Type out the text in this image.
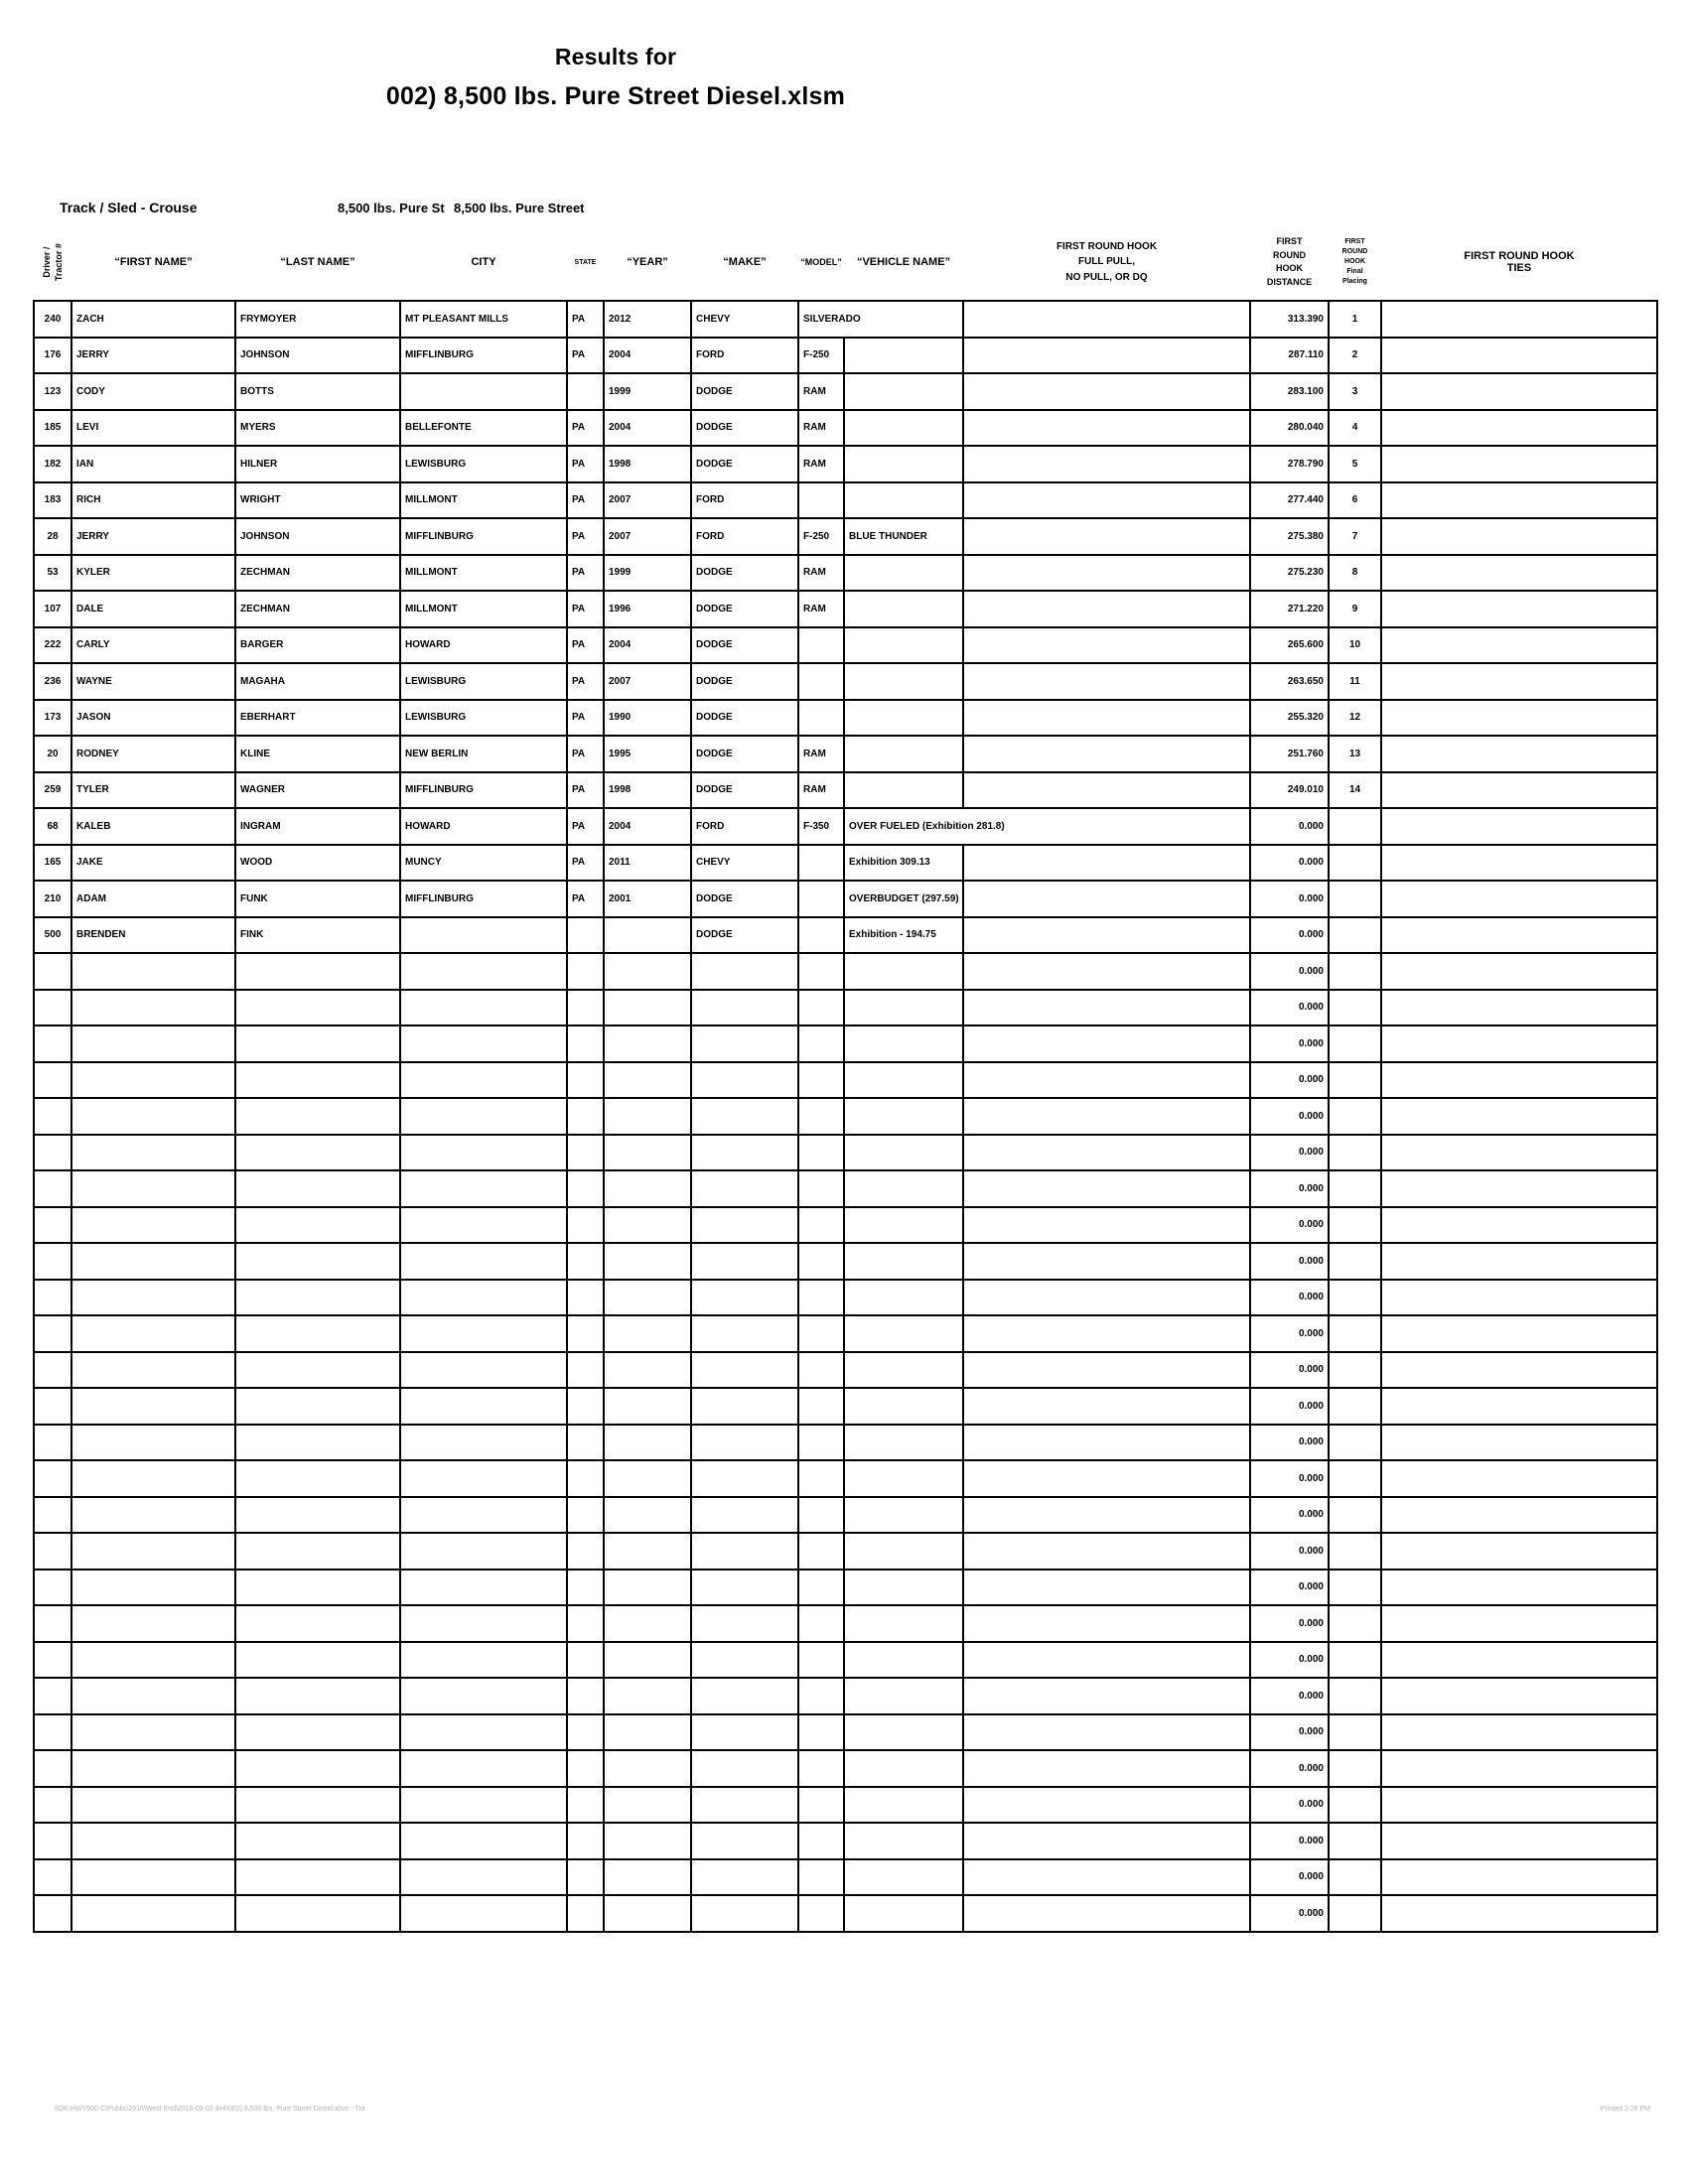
Results for
002) 8,500 lbs. Pure Street Diesel.xlsm
Track / Sled - Crouse	8,500 lbs. Pure St 8,500 lbs. Pure Street
Driver / Tractor #	“FIRST NAME”	“LAST NAME”	CITY	STATE	“YEAR”	“MAKE”	“MODEL”	“VEHICLE NAME”	FIRST ROUND HOOK
FULL PULL,
NO PULL, OR DQ	FIRST
ROUND
HOOK
DISTANCE	FIRST
ROUND
HOOK
Final
Placing	FIRST ROUND HOOK
TIES
240	ZACH	FRYMOYER	MT PLEASANT MILLS	PA	2012	CHEVY	SILVERADO			313.390	1	
176	JERRY	JOHNSON	MIFFLINBURG	PA	2004	FORD	F-250			287.110	2	
123	CODY	BOTTS			1999	DODGE	RAM			283.100	3	
185	LEVI	MYERS	BELLEFONTE	PA	2004	DODGE	RAM			280.040	4	
182	IAN	HILNER	LEWISBURG	PA	1998	DODGE	RAM			278.790	5	
183	RICH	WRIGHT	MILLMONT	PA	2007	FORD				277.440	6	
28	JERRY	JOHNSON	MIFFLINBURG	PA	2007	FORD	F-250	BLUE THUNDER		275.380	7	
53	KYLER	ZECHMAN	MILLMONT	PA	1999	DODGE	RAM			275.230	8	
107	DALE	ZECHMAN	MILLMONT	PA	1996	DODGE	RAM			271.220	9	
222	CARLY	BARGER	HOWARD	PA	2004	DODGE				265.600	10	
236	WAYNE	MAGAHA	LEWISBURG	PA	2007	DODGE				263.650	11	
173	JASON	EBERHART	LEWISBURG	PA	1990	DODGE				255.320	12	
20	RODNEY	KLINE	NEW BERLIN	PA	1995	DODGE	RAM			251.760	13	
259	TYLER	WAGNER	MIFFLINBURG	PA	1998	DODGE	RAM			249.010	14	
68	KALEB	INGRAM	HOWARD	PA	2004	FORD	F-350	OVER FUELED (Exhibition 281.8)		0.000		
165	JAKE	WOOD	MUNCY	PA	2011	CHEVY		Exhibition 309.13		0.000		
210	ADAM	FUNK	MIFFLINBURG	PA	2001	DODGE		OVERBUDGET (297.59)		0.000		
500	BRENDEN	FINK				DODGE		Exhibition - 194.75		0.000		
										0.000		
										0.000		
										0.000		
										0.000		
										0.000		
										0.000		
										0.000		
										0.000		
										0.000		
										0.000		
										0.000		
										0.000		
										0.000		
										0.000		
										0.000		
										0.000		
										0.000		
										0.000		
										0.000		
										0.000		
										0.000		
										0.000		
										0.000		
										0.000		
										0.000		
										0.000		
										0.000		
\\DK-HWY500-C\Public\2016\West End\2016-09-02 4x4\002) 8,500 lbs. Pure Street Diesel.xlsm - Tra	Printed 2:26 PM
